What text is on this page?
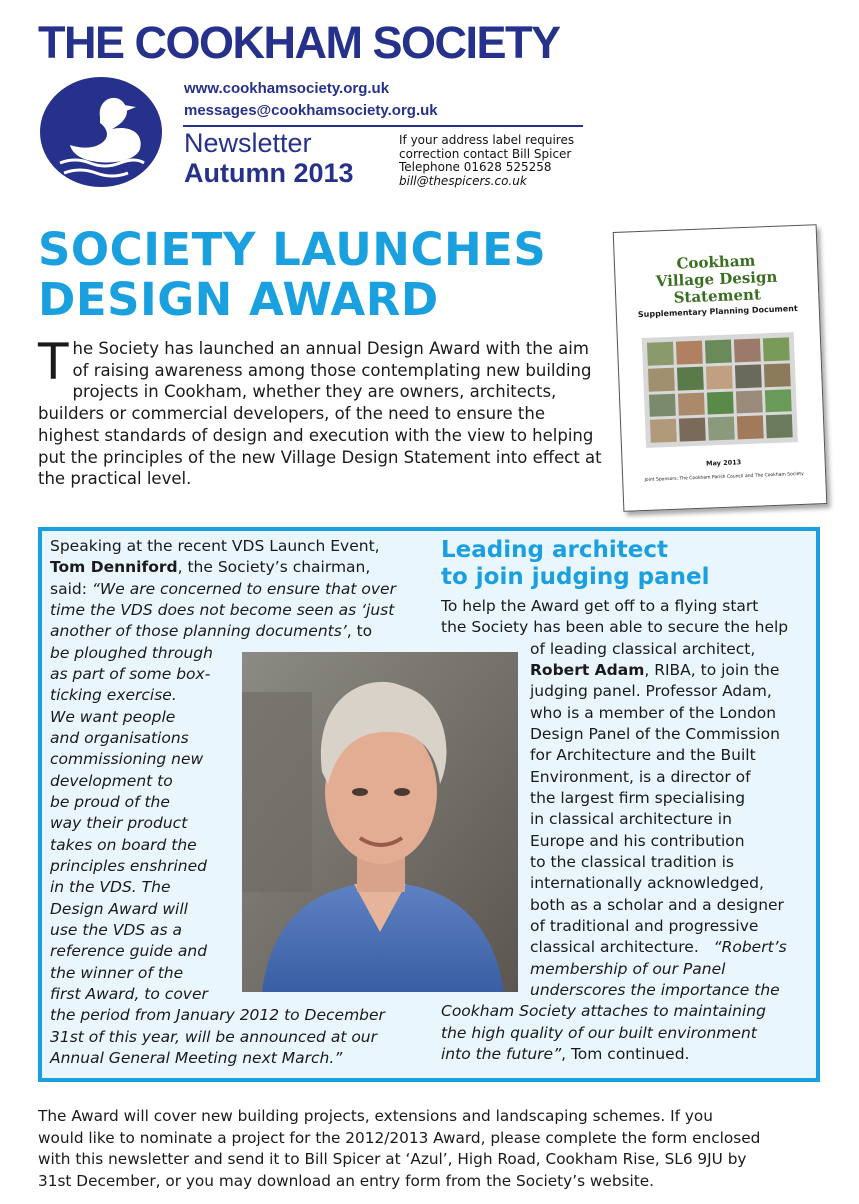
THE COOKHAM SOCIETY
www.cookhamsociety.org.uk
messages@cookhamsociety.org.uk
Newsletter
Autumn 2013
If your address label requires
correction contact Bill Spicer
Telephone 01628 525258
bill@thespicers.co.uk
SOCIETY LAUNCHES
DESIGN AWARD
The Society has launched an annual Design Award with the aim of raising awareness among those contemplating new building projects in Cookham, whether they are owners, architects, builders or commercial developers, of the need to ensure the highest standards of design and execution with the view to helping put the principles of the new Village Design Statement into effect at the practical level.
Cookham
Village Design Statement
Supplementary Planning Document
May 2013
Joint Sponsors: The Cookham Parish Council and The Cookham Society
Speaking at the recent VDS Launch Event,
Tom Denniford, the Society’s chairman,
said: “We are concerned to ensure that over
time the VDS does not become seen as ‘just
another of those planning documents’, to
be ploughed through
as part of some box-
ticking exercise.
We want people
and organisations
commissioning new
development to
be proud of the
way their product
takes on board the
principles enshrined
in the VDS. The
Design Award will
use the VDS as a
reference guide and
the winner of the
first Award, to cover
the period from January 2012 to December
31st of this year, will be announced at our
Annual General Meeting next March.”
Leading architect
to join judging panel
To help the Award get off to a flying start
the Society has been able to secure the help
of leading classical architect,
Robert Adam, RIBA, to join the
judging panel. Professor Adam,
who is a member of the London
Design Panel of the Commission
for Architecture and the Built
Environment, is a director of
the largest firm specialising
in classical architecture in
Europe and his contribution
to the classical tradition is
internationally acknowledged,
both as a scholar and a designer
of traditional and progressive
classical architecture. “Robert’s
membership of our Panel
underscores the importance the
Cookham Society attaches to maintaining
the high quality of our built environment
into the future”, Tom continued.
The Award will cover new building projects, extensions and landscaping schemes. If you
would like to nominate a project for the 2012/2013 Award, please complete the form enclosed
with this newsletter and send it to Bill Spicer at ‘Azul’, High Road, Cookham Rise, SL6 9JU by
31st December, or you may download an entry form from the Society’s website.
